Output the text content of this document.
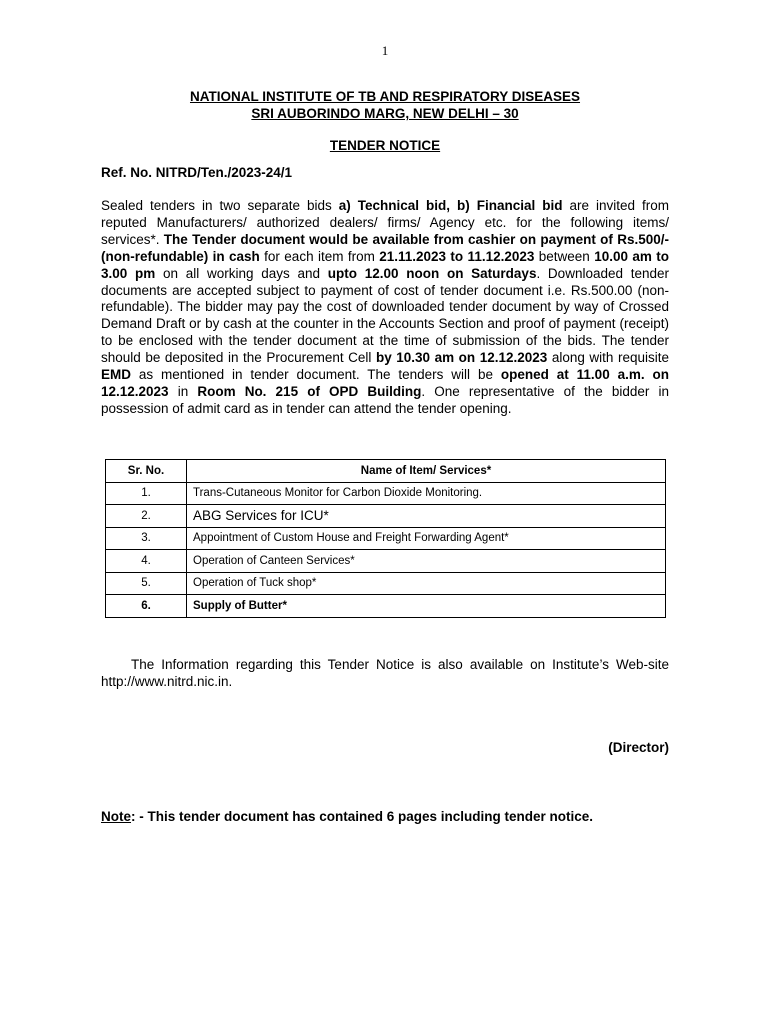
1
NATIONAL INSTITUTE OF TB AND RESPIRATORY DISEASES
SRI AUBORINDO MARG, NEW DELHI – 30
TENDER NOTICE
Ref. No. NITRD/Ten./2023-24/1
Sealed tenders in two separate bids a) Technical bid, b) Financial bid are invited from reputed Manufacturers/ authorized dealers/ firms/ Agency etc. for the following items/ services*. The Tender document would be available from cashier on payment of Rs.500/- (non-refundable) in cash for each item from 21.11.2023 to 11.12.2023 between 10.00 am to 3.00 pm on all working days and upto 12.00 noon on Saturdays. Downloaded tender documents are accepted subject to payment of cost of tender document i.e. Rs.500.00 (non-refundable). The bidder may pay the cost of downloaded tender document by way of Crossed Demand Draft or by cash at the counter in the Accounts Section and proof of payment (receipt) to be enclosed with the tender document at the time of submission of the bids. The tender should be deposited in the Procurement Cell by 10.30 am on 12.12.2023 along with requisite EMD as mentioned in tender document. The tenders will be opened at 11.00 a.m. on 12.12.2023 in Room No. 215 of OPD Building. One representative of the bidder in possession of admit card as in tender can attend the tender opening.
Sr. No.	Name of Item/ Services*
1.	Trans-Cutaneous Monitor for Carbon Dioxide Monitoring.
2.	ABG Services for ICU*
3.	Appointment of Custom House and Freight Forwarding Agent*
4.	Operation of Canteen Services*
5.	Operation of Tuck shop*
6.	Supply of Butter*
The Information regarding this Tender Notice is also available on Institute’s Web-site http://www.nitrd.nic.in.
(Director)
Note: - This tender document has contained 6 pages including tender notice.
